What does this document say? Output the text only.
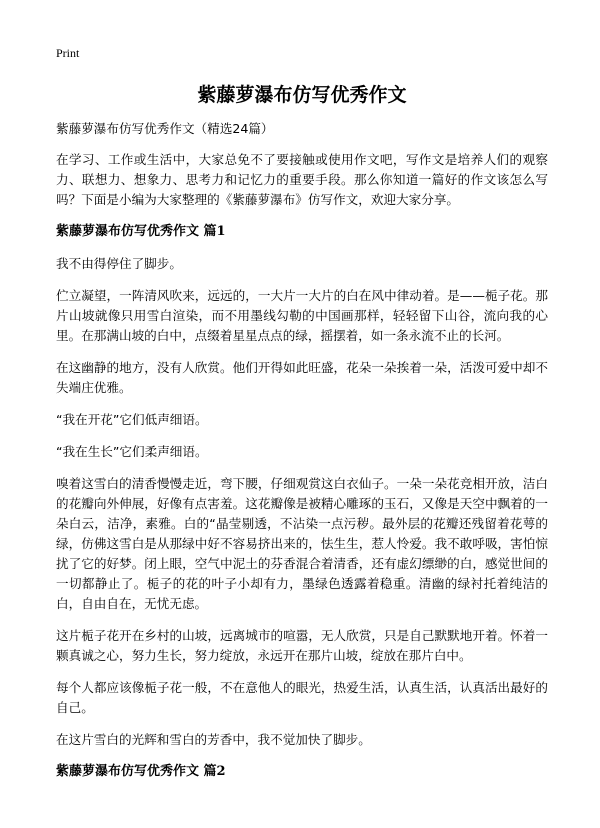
Print
紫藤萝瀑布仿写优秀作文

紫藤萝瀑布仿写优秀作文（精选24篇）

在学习、工作或生活中，大家总免不了要接触或使用作文吧，写作文是培养人们的观察力、联想力、想象力、思考力和记忆力的重要手段。那么你知道一篇好的作文该怎么写吗？下面是小编为大家整理的《紫藤萝瀑布》仿写作文，欢迎大家分享。

紫藤萝瀑布仿写优秀作文 篇1

我不由得停住了脚步。

伫立凝望，一阵清风吹来，远远的，一大片一大片的白在风中律动着。是——栀子花。那片山坡就像只用雪白渲染，而不用墨线勾勒的中国画那样，轻轻留下山谷，流向我的心里。在那满山坡的白中，点缀着星星点点的绿，摇摆着，如一条永流不止的长河。

在这幽静的地方，没有人欣赏。他们开得如此旺盛，花朵一朵挨着一朵，活泼可爱中却不失端庄优雅。

“我在开花”它们低声细语。

“我在生长”它们柔声细语。

嗅着这雪白的清香慢慢走近，弯下腰，仔细观赏这白衣仙子。一朵一朵花竞相开放，洁白的花瓣向外伸展，好像有点害羞。这花瓣像是被精心雕琢的玉石，又像是天空中飘着的一朵白云，洁净，素雅。白的“晶莹剔透，不沾染一点污秽。最外层的花瓣还残留着花萼的绿，仿佛这雪白是从那绿中好不容易挤出来的，怯生生，惹人怜爱。我不敢呼吸，害怕惊扰了它的好梦。闭上眼，空气中泥土的芬香混合着清香，还有虚幻缥缈的白，感觉世间的一切都静止了。栀子的花的叶子小却有力，墨绿色透露着稳重。清幽的绿衬托着纯洁的白，自由自在，无忧无虑。

这片栀子花开在乡村的山坡，远离城市的喧嚣，无人欣赏，只是自己默默地开着。怀着一颗真诚之心，努力生长，努力绽放，永远开在那片山坡，绽放在那片白中。

每个人都应该像栀子花一般，不在意他人的眼光，热爱生活，认真生活，认真活出最好的自己。

在这片雪白的光辉和雪白的芳香中，我不觉加快了脚步。

紫藤萝瀑布仿写优秀作文 篇2
